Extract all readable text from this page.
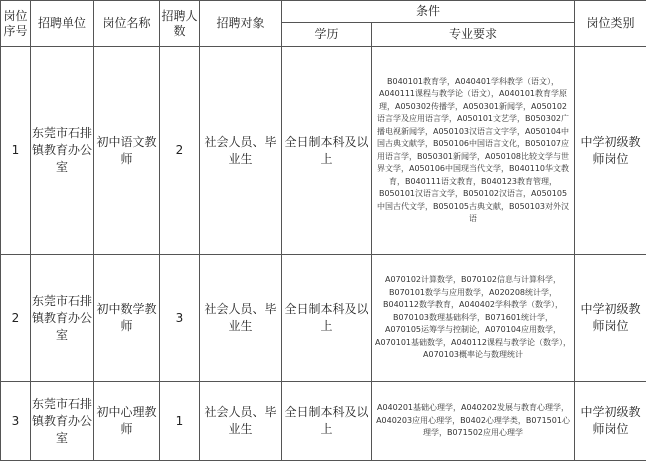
岗位序号	招聘单位	岗位名称	招聘人数	招聘对象	条件		岗位类别
					学历	专业要求	
1	东莞市石排镇教育办公室	初中语文教师	2	社会人员、毕业生	全日制本科及以上	B040101教育学，A040401学科教学（语文），A040111课程与教学论（语文），A040101教育学原理，A050302传播学，A050301新闻学，A050102语言学及应用语言学，A050101文艺学，B050302广播电视新闻学，A050103汉语言文字学，A050104中国古典文献学，B050106中国语言文化，B050107应用语言学，B050301新闻学，A050108比较文学与世界文学，A050106中国现当代文学，B040110华文教育，B040111语文教育，B040123教育管理，B050101汉语言文学，B050102汉语言，A050105中国古代文学，B050105古典文献，B050103对外汉语	中学初级教师岗位
2	东莞市石排镇教育办公室	初中数学教师	3	社会人员、毕业生	全日制本科及以上	A070102计算数学，B070102信息与计算科学，B070101数学与应用数学，A020208统计学，B040112数学教育，A040402学科教学（数学），B070103数理基础科学，B071601统计学，A070105运筹学与控制论，A070104应用数学，A070101基础数学，A040112课程与教学论（数学），A070103概率论与数理统计	中学初级教师岗位
3	东莞市石排镇教育办公室	初中心理教师	1	社会人员、毕业生	全日制本科及以上	A040201基础心理学，A040202发展与教育心理学，A040203应用心理学，B0402心理学类，B071501心理学，B071502应用心理学	中学初级教师岗位
